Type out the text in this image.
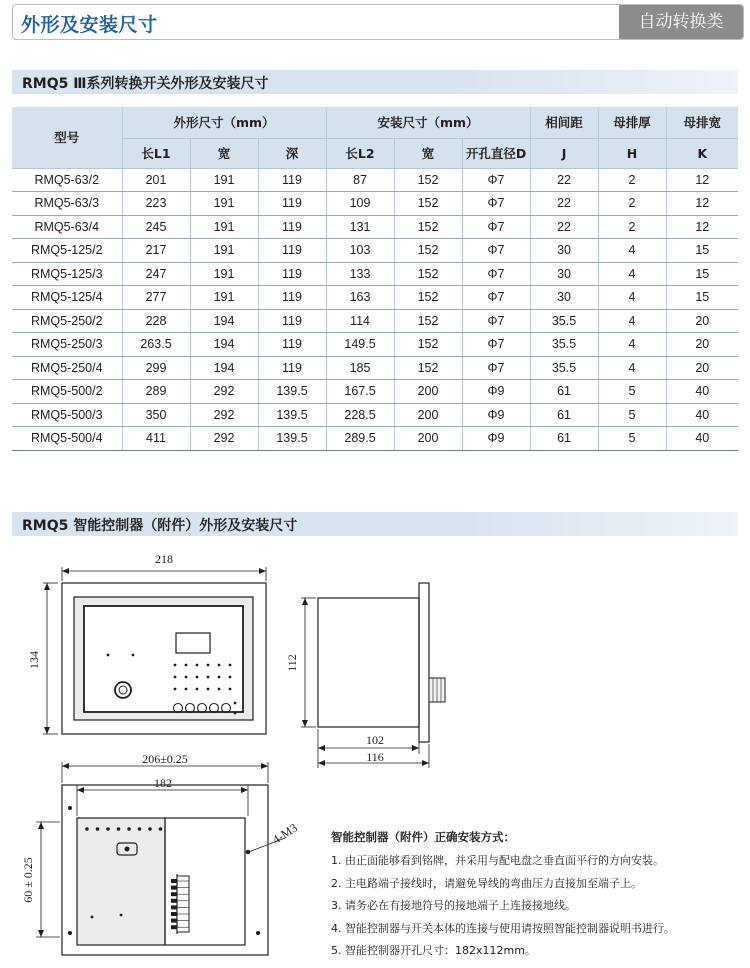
外形及安装尺寸	自动转换类
RMQ5 Ⅲ系列转换开关外形及安装尺寸
型号	外形尺寸（mm）			安装尺寸（mm）			相间距	母排厚	母排宽
	长L1	宽	深	长L2	宽	开孔直径D	J	H	K
RMQ5-63/2	201	191	119	87	152	Φ7	22	2	12
RMQ5-63/3	223	191	119	109	152	Φ7	22	2	12
RMQ5-63/4	245	191	119	131	152	Φ7	22	2	12
RMQ5-125/2	217	191	119	103	152	Φ7	30	4	15
RMQ5-125/3	247	191	119	133	152	Φ7	30	4	15
RMQ5-125/4	277	191	119	163	152	Φ7	30	4	15
RMQ5-250/2	228	194	119	114	152	Φ7	35.5	4	20
RMQ5-250/3	263.5	194	119	149.5	152	Φ7	35.5	4	20
RMQ5-250/4	299	194	119	185	152	Φ7	35.5	4	20
RMQ5-500/2	289	292	139.5	167.5	200	Φ9	61	5	40
RMQ5-500/3	350	292	139.5	228.5	200	Φ9	61	5	40
RMQ5-500/4	411	292	139.5	289.5	200	Φ9	61	5	40
RMQ5 智能控制器（附件）外形及安装尺寸
218
134	112
102
116
206±0.25
182
60 ± 0.25
4-M3	智能控制器（附件）正确安装方式：
1. 由正面能够看到铭牌，并采用与配电盘之垂直面平行的方向安装。
2. 主电路端子接线时，请避免导线的弯曲压力直接加至端子上。
3. 请务必在有接地符号的接地端子上连接接地线。
4. 智能控制器与开关本体的连接与使用请按照智能控制器说明书进行。
5. 智能控制器开孔尺寸：182x112mm。
